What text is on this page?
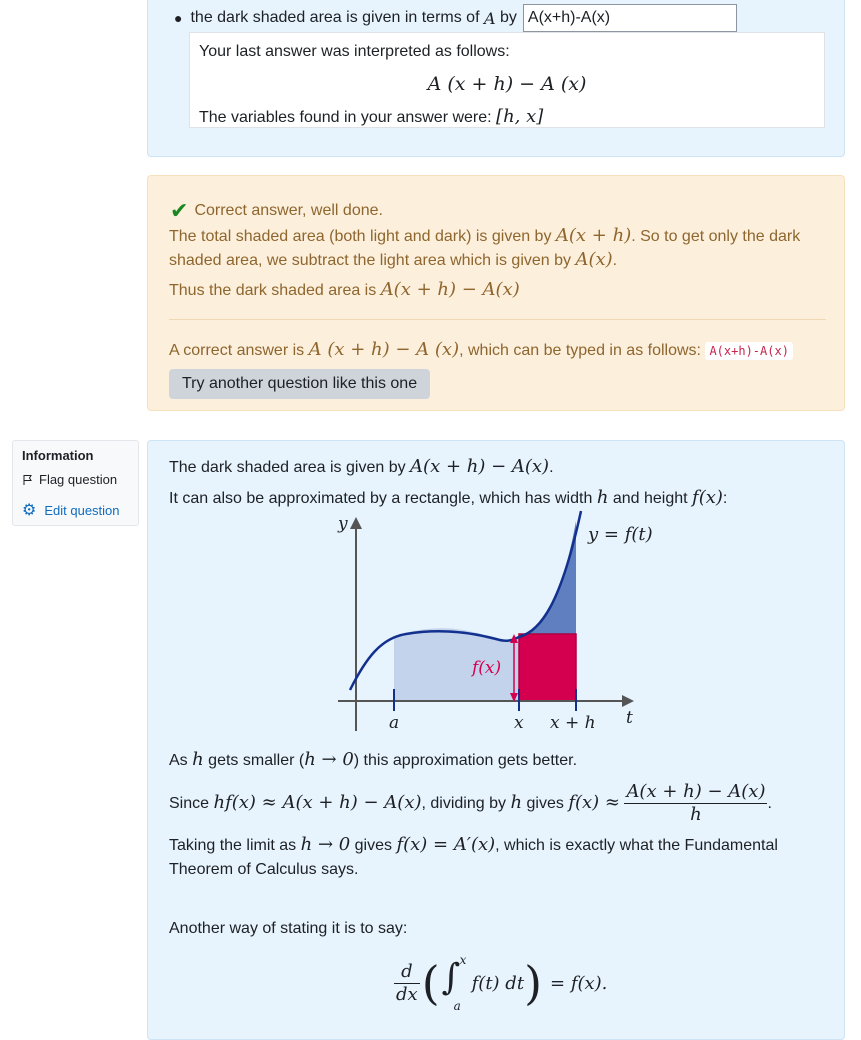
● the dark shaded area is given in terms of
A
by
A(x+h)-A(x)
Your last answer was interpreted as follows:
A (x + h) − A (x)
The variables found in your answer were: [h, x]
✔ Correct answer, well done.
The total shaded area (both light and dark) is given by A(x + h). So to get only the dark shaded area, we subtract the light area which is given by A(x).
Thus the dark shaded area is A(x + h) − A(x)
A correct answer is A (x + h) − A (x), which can be typed in as follows: A(x+h)-A(x)
Try another question like this one
Information
Flag question
⚙ Edit question
The dark shaded area is given by A(x + h) − A(x).
It can also be approximated by a rectangle, which has width h and height f(x):
y
t
y = f(t)
f(x)
a	x x + h
As h gets smaller (h → 0) this approximation gets better.
Since hf(x) ≈ A(x + h) − A(x), dividing by h gives $f(x) \approx \frac{A(x + h) - A(x)}{h}$ .
Taking the limit as h → 0 gives f(x) = A′(x), which is exactly what the Fundamental
Theorem of Calculus says.
Another way of stating it is to say:
$\frac{d}{dx}$ ( ∫ x
a
f(t) dt ) = f(x).
